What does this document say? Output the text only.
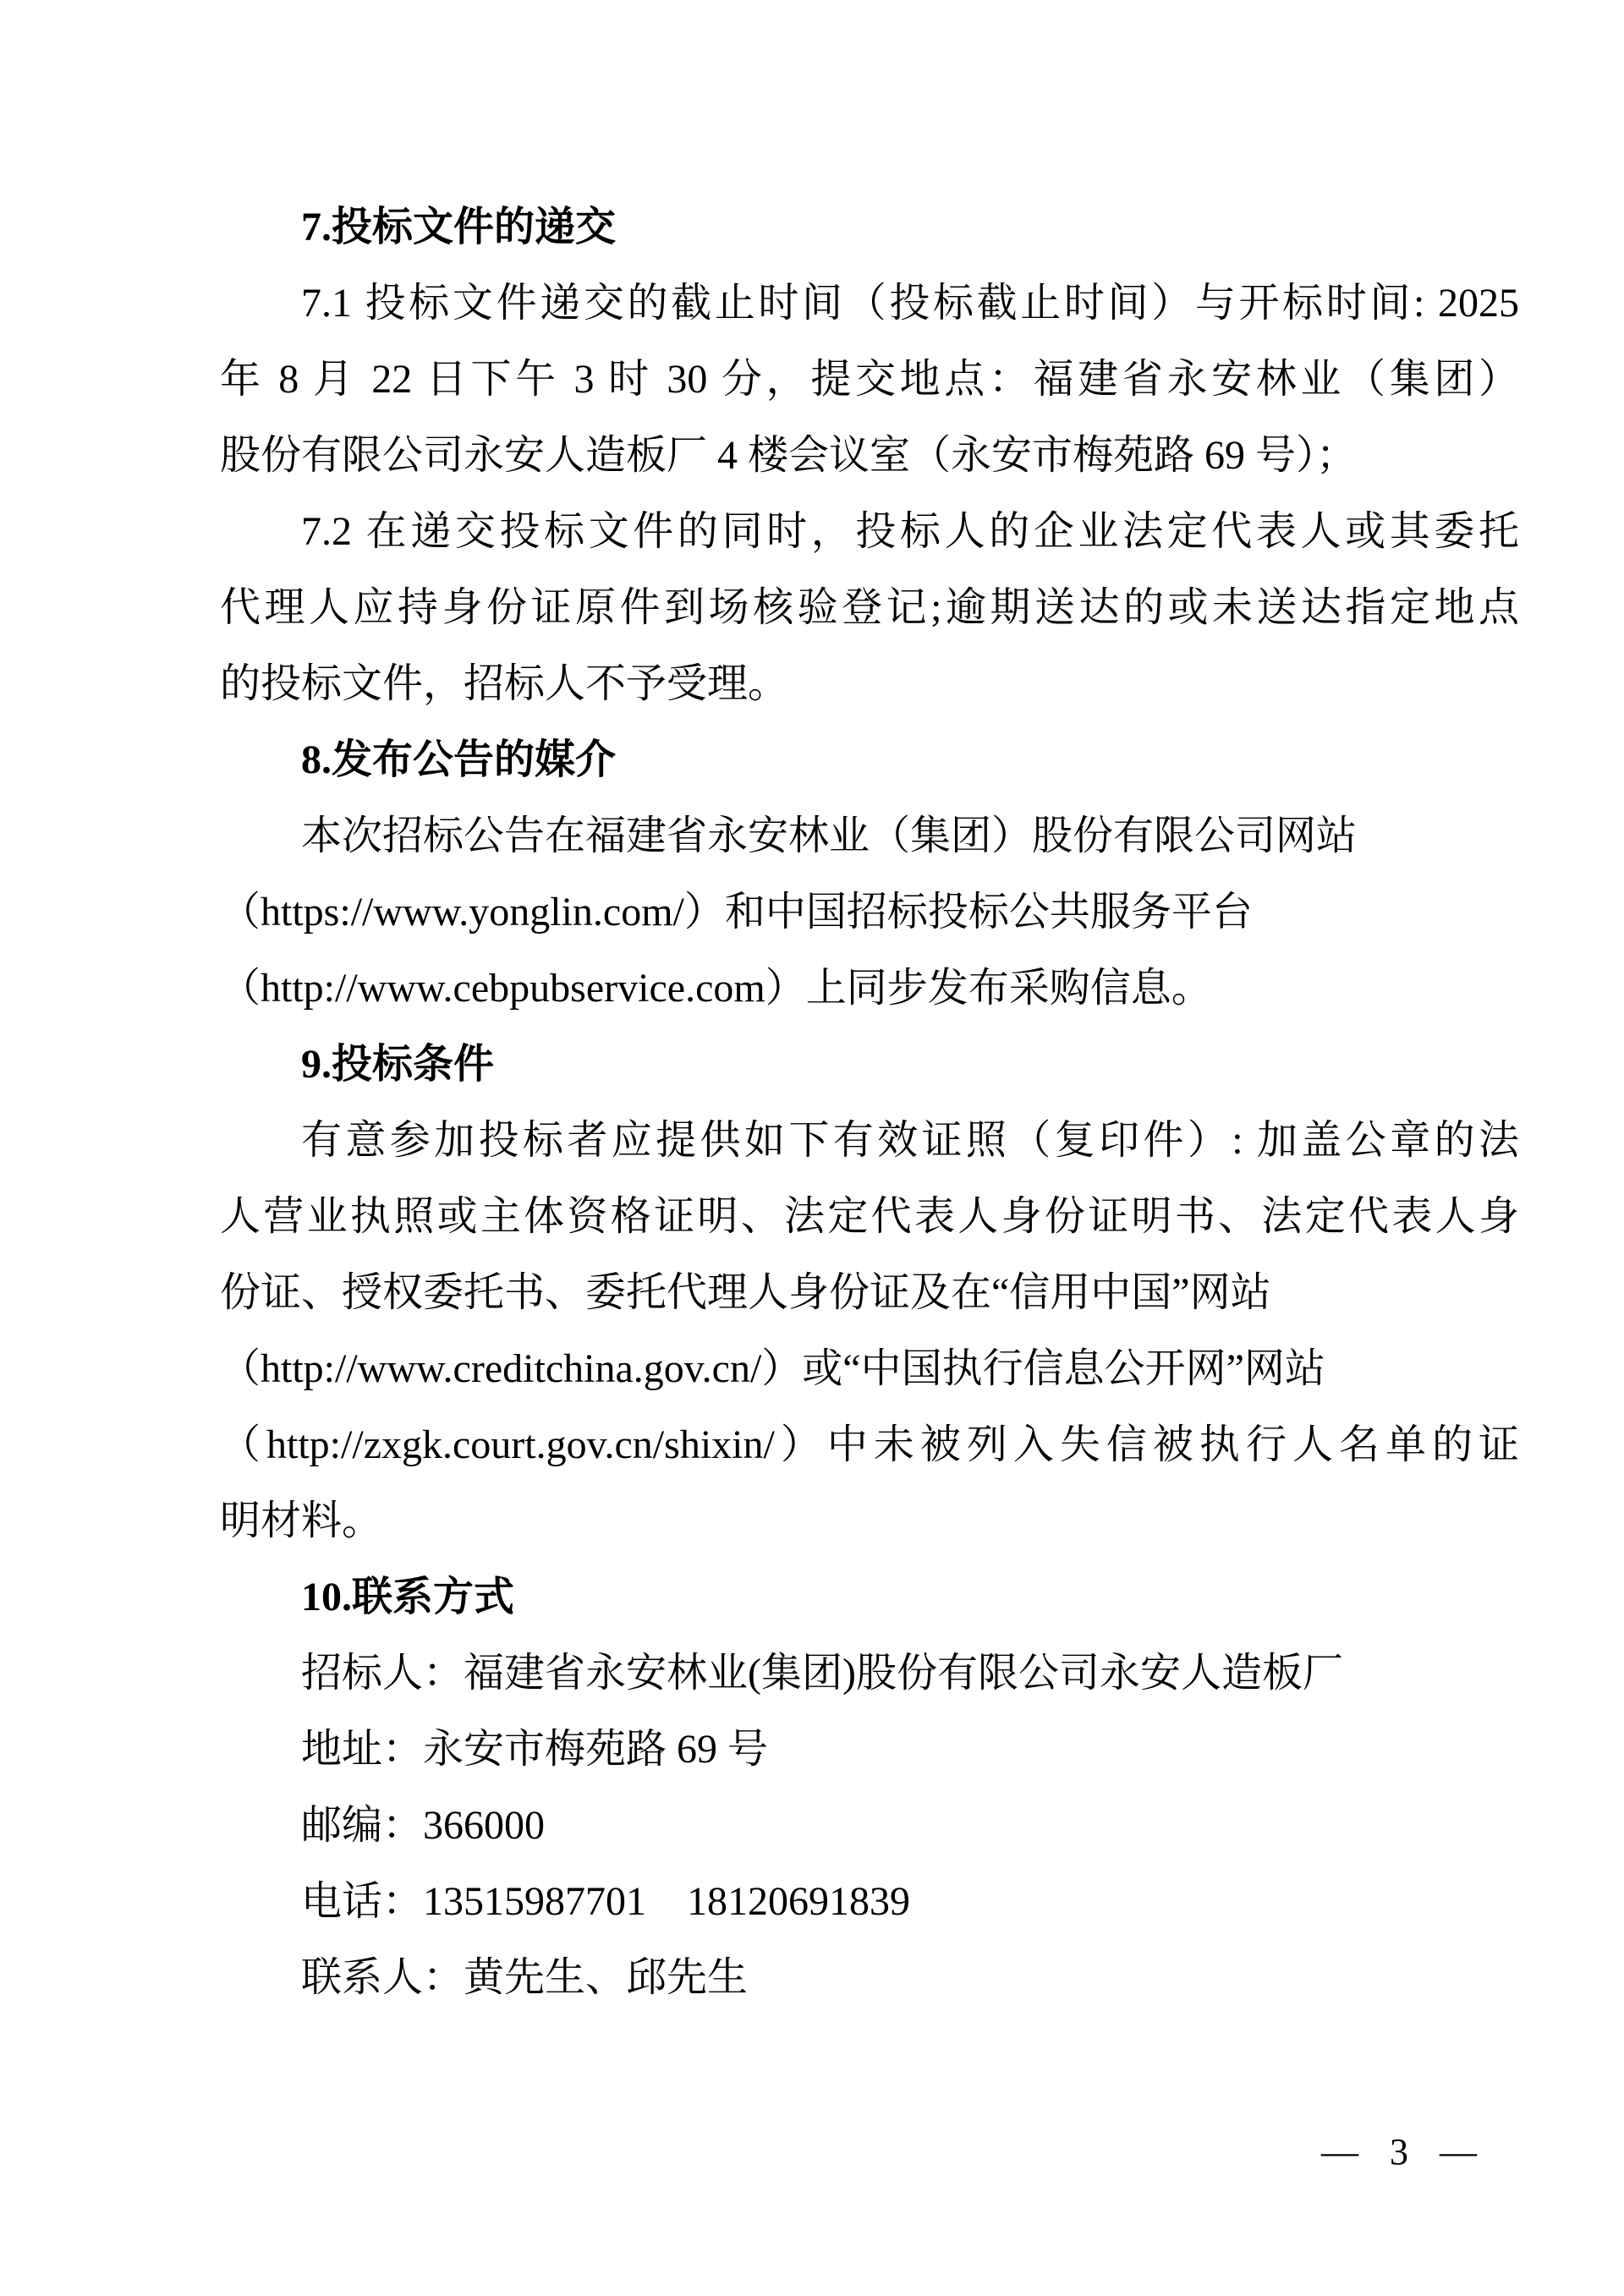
7.投标文件的递交
7.1 投标文件递交的截止时间（投标截止时间）与开标时间: 2025
年 8 月 22 日下午 3 时 30 分，提交地点：福建省永安林业（集团）
股份有限公司永安人造板厂 4 楼会议室（永安市梅苑路 69 号）；
7.2 在递交投标文件的同时，投标人的企业法定代表人或其委托
代理人应持身份证原件到场核验登记;逾期送达的或未送达指定地点
的投标文件，招标人不予受理。
8.发布公告的媒介
本次招标公告在福建省永安林业（集团）股份有限公司网站
（https://www.yonglin.com/）和中国招标投标公共服务平台
（http://www.cebpubservice.com）上同步发布采购信息。
9.投标条件
有意参加投标者应提供如下有效证照（复印件）: 加盖公章的法
人营业执照或主体资格证明、法定代表人身份证明书、法定代表人身
份证、授权委托书、委托代理人身份证及在“信用中国”网站
（http://www.creditchina.gov.cn/）或“中国执行信息公开网”网站
（http://zxgk.court.gov.cn/shixin/）中未被列入失信被执行人名单的证
明材料。
10.联系方式
招标人：福建省永安林业(集团)股份有限公司永安人造板厂
地址：永安市梅苑路 69 号
邮编：366000
电话：13515987701　18120691839
联系人：黄先生、邱先生
— 3 —
